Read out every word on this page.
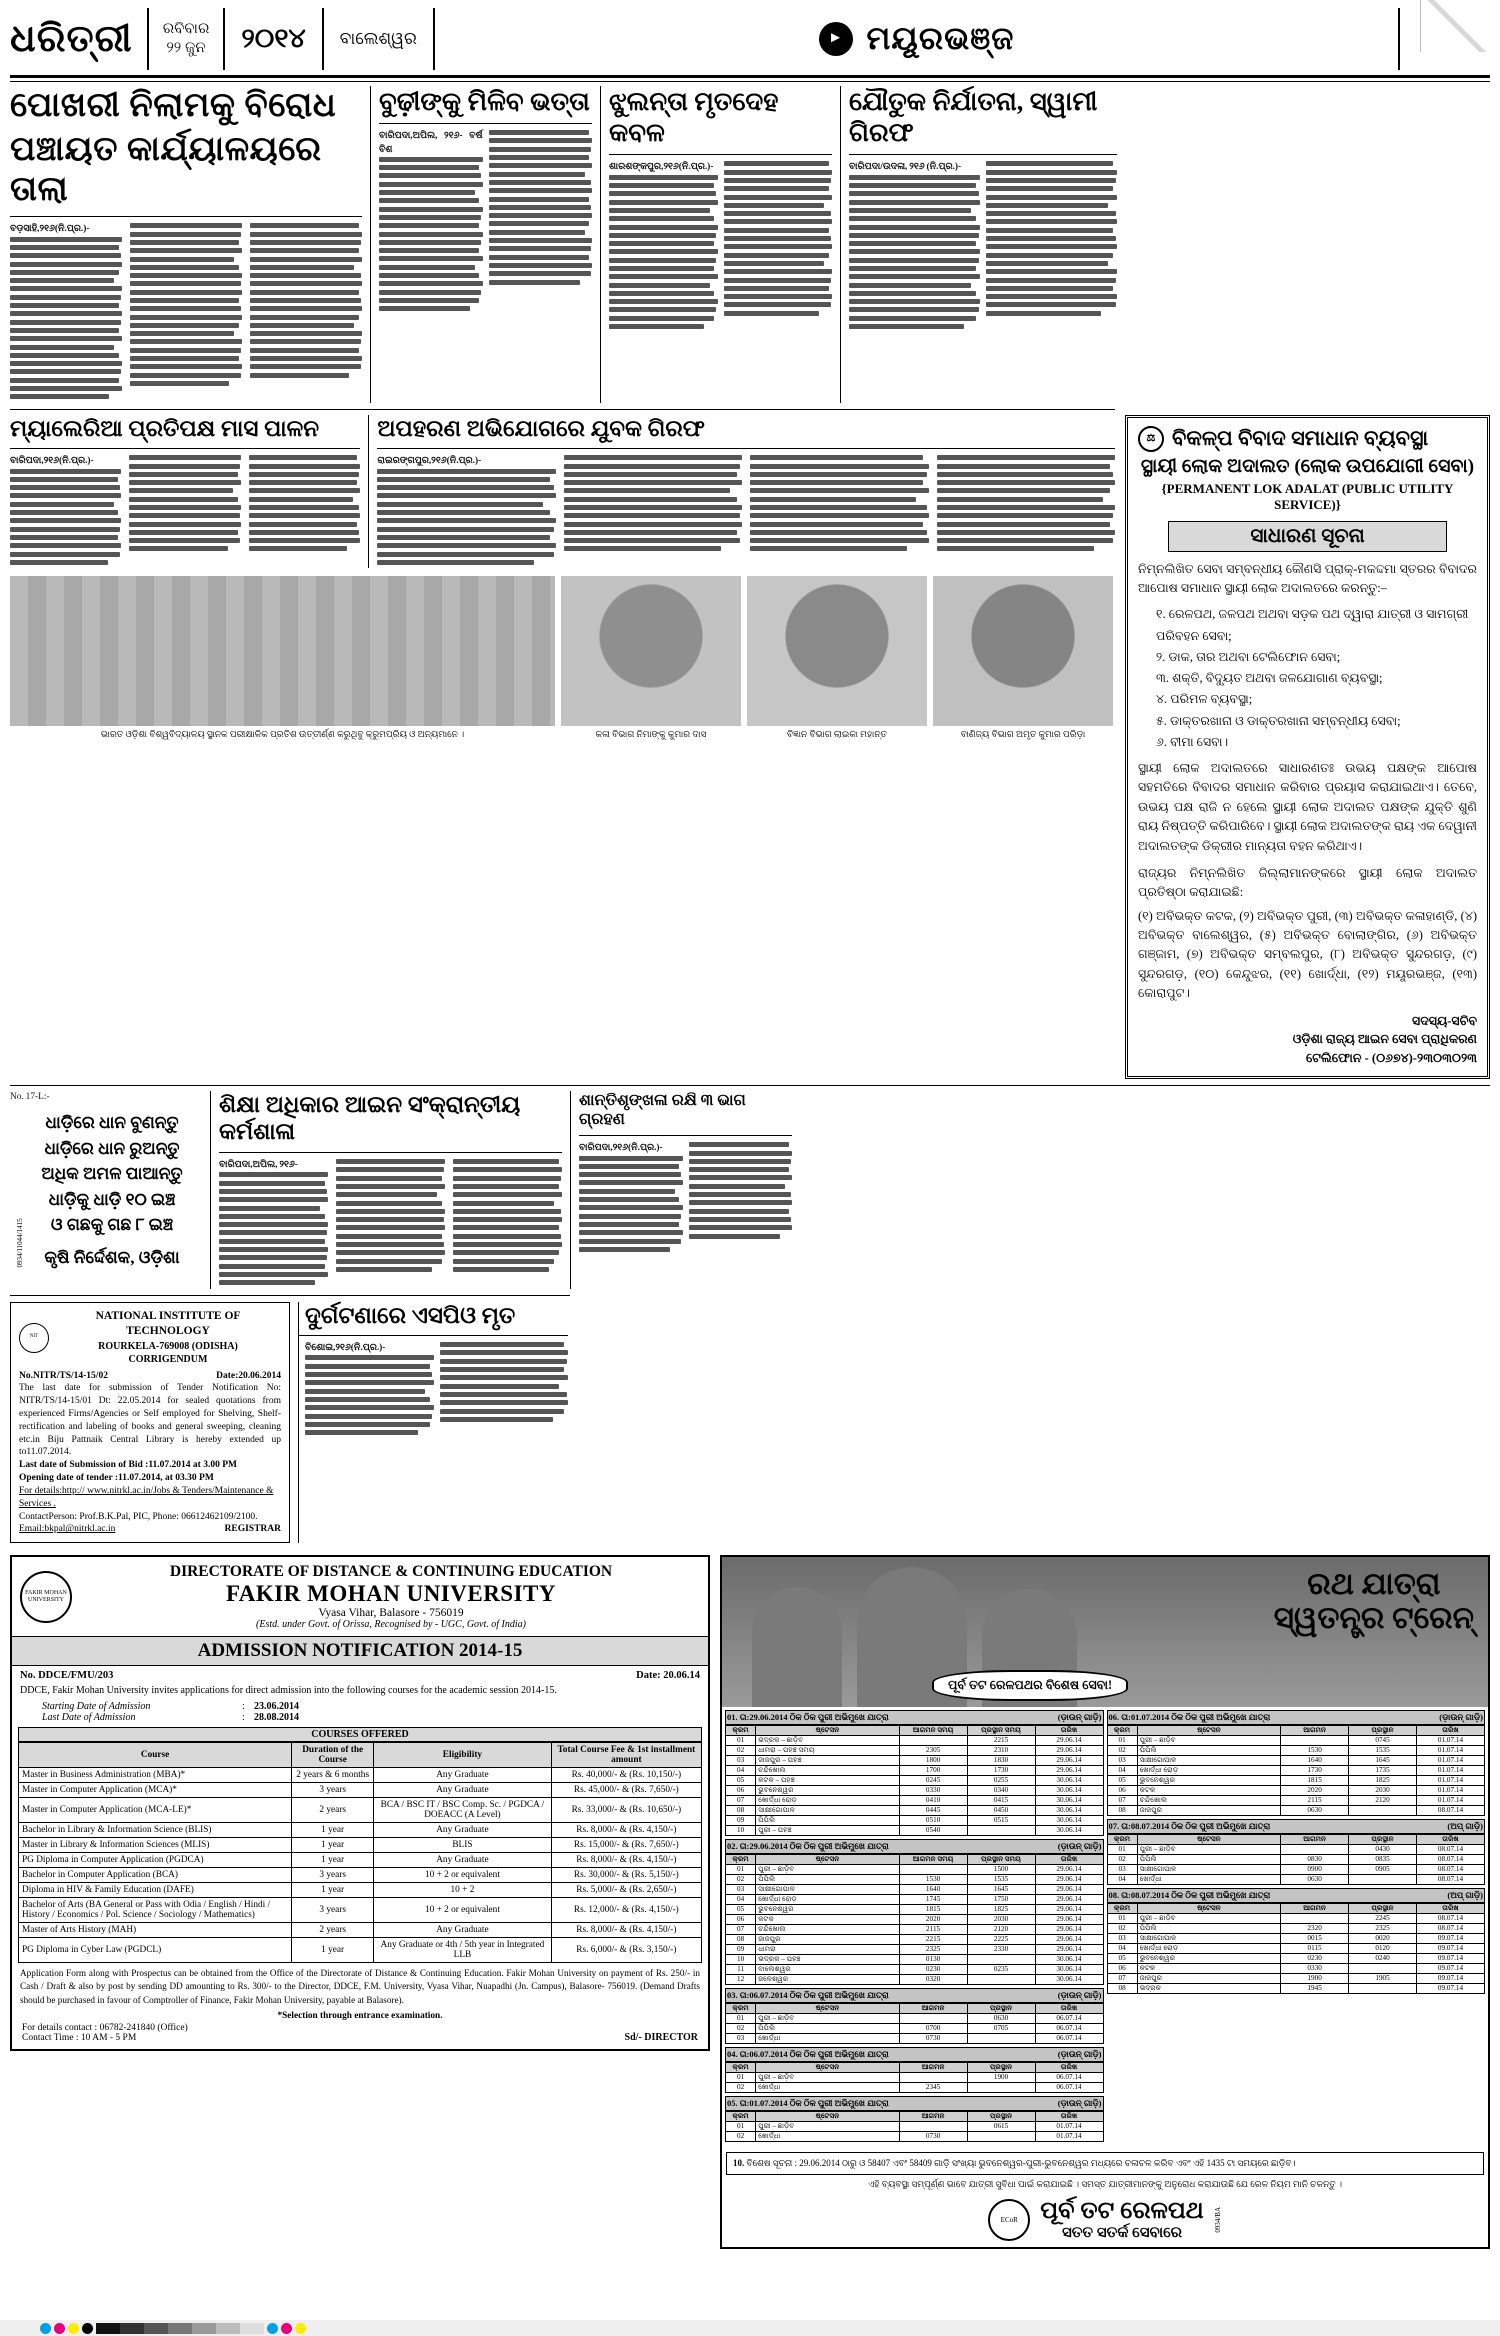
ଧରିତ୍ରୀ	ରବିବାର
୨୨ ଜୁନ	୨୦୧୪	ବାଲେଶ୍ୱର	► ମୟୂରଭଞ୍ଜ
ପୋଖରୀ ନିଲାମକୁ ବିରୋଧ
ପଞ୍ଚାୟତ କାର୍ଯ୍ୟାଳୟରେ ତାଲା
ବଡ଼ସାହି,୨୧୬(ନି.ପ୍ର.)-
ବୁଢ଼ୀଙ୍କୁ ମିଳିବ ଭତ୍ତା
ବାରିପଦା,ଅପିଲ, ୨୧୬- ବର୍ଷ ବିଶ
ଝୁଲନ୍ତା ମୃତଦେହ କବଳ
ଶାରଶଙ୍କପୁର,୨୧୬(ନି.ପ୍ର.)-
ଯୌତୁକ ନିର୍ଯାତନା, ସ୍ୱାମୀ ଗିରଫ
ବାରିପଦା/ଉଦଳା, ୨୧୬ (ନି.ପ୍ର.)-
ମ୍ୟାଲେରିଆ ପ୍ରତିପକ୍ଷ ମାସ ପାଳନ
ବାରିପଦା,୨୧୬(ନି.ପ୍ର.)-
ଅପହରଣ ଅଭିଯୋଗରେ ଯୁବକ ଗିରଫ
ରାଇରଙ୍ଗପୁର,୨୧୬(ନି.ପ୍ର.)-
ଭାରତ ଓଡ଼ିଶା ବିଶ୍ୱବିଦ୍ୟାଳୟ ସ୍ଥାନକ ପରୀକ୍ଷାଳିକ ପ୍ରତିଶ ଉତ୍ତୀର୍ଣ୍ଣ କରୁଥିବୁ କ୍ରୁମପ୍ରିୟ ଓ ଅନ୍ୟମାନେ ।	କଳା ବିଭାଗ ନିମାଙ୍କୁ କୁମାର ଦାସ	ବିଜ୍ଞାନ ବିଭାଗ ଲାଇକା ମହାନ୍ତ	ବାଣିଜ୍ୟ ବିଭାଗ ଅମୃତ କୁମାର ପରିଡ଼ା
⚖ ବିକଳ୍ପ ବିବାଦ ସମାଧାନ ବ୍ୟବସ୍ଥା
ସ୍ଥାୟୀ ଲୋକ ଅଦାଲତ (ଲୋକ ଉପଯୋଗୀ ସେବା)
{PERMANENT LOK ADALAT (PUBLIC UTILITY SERVICE)}
ସାଧାରଣ ସୂଚନା
ନିମ୍ନଲିଖିତ ସେବା ସମ୍ବନ୍ଧୀୟ କୌଣସି ପ୍ରାକ୍‌-ମକଦ୍ଦମା ସ୍ତରର ବିବାଦର ଆପୋଷ ସମାଧାନ ସ୍ଥାୟୀ ଲୋକ ଅଦାଲତରେ କରନ୍ତୁ:–
୧. ରେଳପଥ, ଜଳପଥ ଅଥବା ସଡ଼କ ପଥ ଦ୍ୱାରା ଯାତ୍ରୀ ଓ ସାମଗ୍ରୀ ପରିବହନ ସେବା;
୨. ଡାକ, ତାର ଅଥବା ଟେଲିଫୋନ ସେବା;
୩. ଶକ୍ତି, ବିଦ୍ୟୁତ ଅଥବା ଜଳଯୋଗାଣ ବ୍ୟବସ୍ଥା;
୪. ପରିମଳ ବ୍ୟବସ୍ଥା;
୫. ଡାକ୍ତରଖାନା ଓ ଡାକ୍ତରଖାନା ସମ୍ବନ୍ଧୀୟ ସେବା;
୬. ବୀମା ସେବା।
ସ୍ଥାୟୀ ଲୋକ ଅଦାଲତରେ ସାଧାରଣତଃ ଉଭୟ ପକ୍ଷଙ୍କ ଆପୋଷ ସହମତିରେ ବିବାଦର ସମାଧାନ କରିବାର ପ୍ରୟାସ କରାଯାଇଥାଏ। ତେବେ, ଉଭୟ ପକ୍ଷ ରାଜି ନ ହେଲେ ସ୍ଥାୟୀ ଲୋକ ଅଦାଲତ ପକ୍ଷଙ୍କ ଯୁକ୍ତି ଶୁଣି ରାୟ ନିଷ୍ପତ୍ତି କରିପାରିବେ। ସ୍ଥାୟୀ ଲୋକ ଅଦାଲତଙ୍କ ରାୟ ଏକ ଦେୱାନୀ ଅଦାଲତଙ୍କ ଡିକ୍ରୀର ମାନ୍ୟତା ବହନ କରିଥାଏ।
ରାଜ୍ୟର ନିମ୍ନଲିଖିତ ଜିଲ୍ଲାମାନଙ୍କରେ ସ୍ଥାୟୀ ଲୋକ ଅଦାଲତ ପ୍ରତିଷ୍ଠା କରାଯାଇଛି:
(୧) ଅବିଭକ୍ତ କଟକ, (୨) ଅବିଭକ୍ତ ପୁରୀ, (୩) ଅବିଭକ୍ତ କଳାହାଣ୍ଡି, (୪) ଅବିଭକ୍ତ ବାଲେଶ୍ୱର, (୫) ଅବିଭକ୍ତ ବୋଲାଙ୍ଗିର, (୬) ଅବିଭକ୍ତ ଗଞ୍ଜାମ, (୭) ଅବିଭକ୍ତ ସମ୍ବଲପୁର, (୮) ଅବିଭକ୍ତ ସୁନ୍ଦରଗଡ଼, (୯) ସୁନ୍ଦରଗଡ଼, (୧୦) କେନ୍ଦୁଝର, (୧୧) ଖୋର୍ଦ୍ଧା, (୧୨) ମୟୂରଭଞ୍ଜ, (୧୩) କୋରାପୁଟ।
ସଦସ୍ୟ-ସଚିବ
ଓଡ଼ିଶା ରାଜ୍ୟ ଆଇନ ସେବା ପ୍ରାଧିକରଣ
ଟେଲିଫୋନ - (୦୬୭୪)-୨୩୦୩୦୨୩
No. 17-L:-
0934/11044/1415
ଧାଡ଼ିରେ ଧାନ ବୁଣନ୍ତୁ
ଧାଡ଼ିରେ ଧାନ ରୁଅନ୍ତୁ
ଅଧିକ ଅମଳ ପାଆନ୍ତୁ
ଧାଡ଼ିକୁ ଧାଡ଼ି ୧୦ ଇଞ୍ଚ
ଓ ଗଛକୁ ଗଛ ୮ ଇଞ୍ଚ
କୃଷି ନିର୍ଦ୍ଦେଶକ, ଓଡ଼ିଶା
ଶିକ୍ଷା ଅଧିକାର ଆଇନ ସଂକ୍ରାନ୍ତୀୟ କର୍ମଶାଳା
ବାରିପଦା,ଅପିଲ, ୨୧୬-
ଶାନ୍ତିଶୃଙ୍ଖଳା ରକ୍ଷି ୩ ଭାଗ ଗ୍ରହଣ
ବାରିପଦା,୨୧୬(ନି.ପ୍ର.)-
NIT
NATIONAL INSTITUTE OF TECHNOLOGY
ROURKELA-769008 (ODISHA)
CORRIGENDUM
No.NITR/TS/14-15/02	Date:20.06.2014
The last date for submission of Tender Notification No: NITR/TS/14-15/01 Dt: 22.05.2014 for sealed quotations from experienced Firms/Agencies or Self employed for Shelving, Shelf-rectification and labeling of books and general sweeping, cleaning etc.in Biju Pattnaik Central Library is hereby extended up to11.07.2014.
Last date of Submission of Bid :11.07.2014 at 3.00 PM
Opening date of tender :11.07.2014, at 03.30 PM
For details:http:// www.nitrkl.ac.in/Jobs & Tenders/Maintenance & Services .
ContactPerson: Prof.B.K.Pal, PIC, Phone: 06612462109/2100.
Email:bkpal@nitrkl.ac.in	REGISTRAR
ଦୁର୍ଗଟଣାରେ ଏସପିଓ ମୃତ
ବିଶୋଇ,୨୧୬(ନି.ପ୍ର.)-
FAKIR MOHAN UNIVERSITY
DIRECTORATE OF DISTANCE & CONTINUING EDUCATION
FAKIR MOHAN UNIVERSITY
Vyasa Vihar, Balasore - 756019
(Estd. under Govt. of Orissa, Recognised by - UGC, Govt. of India)
ADMISSION NOTIFICATION 2014-15
No. DDCE/FMU/203	Date: 20.06.14
DDCE, Fakir Mohan University invites applications for direct admission into the following courses for the academic session 2014-15.
Starting Date of Admission	: 23.06.2014
Last Date of Admission	: 28.08.2014
COURSES OFFERED
Course	Duration of the Course	Eligibility	Total Course Fee & 1st installment amount
Master in Business Administration (MBA)*	2 years & 6 months	Any Graduate	Rs. 40,000/- & (Rs. 10,150/-)
Master in Computer Application (MCA)*	3 years	Any Graduate	Rs. 45,000/- & (Rs. 7,650/-)
Master in Computer Application (MCA-LE)*	2 years	BCA / BSC IT / BSC Comp. Sc. / PGDCA / DOEACC (A Level)	Rs. 33,000/- & (Rs. 10,650/-)
Bachelor in Library & Information Science (BLIS)	1 year	Any Graduate	Rs. 8,000/- & (Rs. 4,150/-)
Master in Library & Information Sciences (MLIS)	1 year	BLIS	Rs. 15,000/- & (Rs. 7,650/-)
PG Diploma in Computer Application (PGDCA)	1 year	Any Graduate	Rs. 8,000/- & (Rs. 4,150/-)
Bachelor in Computer Application (BCA)	3 years	10 + 2 or equivalent	Rs. 30,000/- & (Rs. 5,150/-)
Diploma in HIV & Family Education (DAFE)	1 year	10 + 2	Rs. 5,000/- & (Rs. 2,650/-)
Bachelor of Arts (BA General or Pass with Odia / English / Hindi / History / Economics / Pol. Science / Sociology / Mathematics)	3 years	10 + 2 or equivalent	Rs. 12,000/- & (Rs. 4,150/-)
Master of Arts History (MAH)	2 years	Any Graduate	Rs. 8,000/- & (Rs. 4,150/-)
PG Diploma in Cyber Law (PGDCL)	1 year	Any Graduate or 4th / 5th year in Integrated LLB	Rs. 6,000/- & (Rs. 3,150/-)
Application Form along with Prospectus can be obtained from the Office of the Directorate of Distance & Continuing Education. Fakir Mohan University on payment of Rs. 250/- in Cash / Draft & also by post by sending DD amounting to Rs. 300/- to the Director, DDCE, F.M. University, Vyasa Vihar, Nuapadhi (Jn. Campus), Balasore- 756019. (Demand Drafts should be purchased in favour of Comptroller of Finance, Fakir Mohan University, payable at Balasore).
*Selection through entrance examination.
For details contact : 06782-241840 (Office)
Contact Time : 10 AM - 5 PM	Sd/- DIRECTOR
ରଥ ଯାତ୍ରା
ସ୍ୱତନ୍ତ୍ର ଟ୍ରେନ୍
ପୂର୍ବ ତଟ ରେଳପଥର ବିଶେଷ ସେବା!
01. ତା:29.06.2014 ଠିକ ଠିକ ପୁରୀ ଅଭିମୁଖେ ଯାତ୍ରା	(ଡ଼ାଉନ୍ ଗାଡ଼ି)
କ୍ରମ	ଷ୍ଟେସନ	ଆଗମନ ସମୟ	ପ୍ରସ୍ଥାନ ସମୟ	ତାରିଖ
01	ଭଦ୍ରକ – ଛାଡ଼ିବ		2215	29.06.14
02	ଧାମରା – ପହଞ୍ଚ ସମୟ	2305	2310	29.06.14
03	ଜାଜପୁର – ପହଞ୍ଚ	1800	1830	29.06.14
04	ଚନ୍ଦିଖୋଲ	1700	1730	29.06.14
05	କଟକ – ପହଞ୍ଚ	0245	0255	30.06.14
06	ଭୁବନେଶ୍ୱର	0330	0340	30.06.14
07	ଖୋର୍ଦ୍ଧା ରୋଡ଼	0410	0415	30.06.14
08	ସାକ୍ଷୀଗୋପାଳ	0445	0450	30.06.14
09	ପିପିଲି	0510	0515	30.06.14
10	ପୁରୀ – ପହଞ୍ଚ	0540		30.06.14
02. ତା:29.06.2014 ଠିକ ଠିକ ପୁରୀ ଅଭିମୁଖେ ଯାତ୍ରା	(ଡ଼ାଉନ୍ ଗାଡ଼ି)
କ୍ରମ	ଷ୍ଟେସନ	ଆଗମନ ସମୟ	ପ୍ରସ୍ଥାନ ସମୟ	ତାରିଖ
01	ପୁରୀ – ଛାଡ଼ିବ		1500	29.06.14
02	ପିପିଲି	1530	1535	29.06.14
03	ସାକ୍ଷୀଗୋପାଳ	1640	1645	29.06.14
04	ଖୋର୍ଦ୍ଧା ରୋଡ଼	1745	1750	29.06.14
05	ଭୁବନେଶ୍ୱର	1815	1825	29.06.14
06	କଟକ	2020	2030	29.06.14
07	ଚନ୍ଦିଖୋଲ	2115	2120	29.06.14
08	ଜାଜପୁର	2215	2225	29.06.14
09	ଧାମରା	2325	2330	29.06.14
10	ଭଦ୍ରକ – ପହଞ୍ଚ	0130		30.06.14
11	ବାଲେଶ୍ୱର	0230	0235	30.06.14
12	ଜଳେଶ୍ୱର	0320		30.06.14
03. ତା:06.07.2014 ଠିକ ଠିକ ପୁରୀ ଅଭିମୁଖେ ଯାତ୍ରା	(ଡ଼ାଉନ୍ ଗାଡ଼ି)
କ୍ରମ	ଷ୍ଟେସନ	ଆଗମନ	ପ୍ରସ୍ଥାନ	ତାରିଖ
01	ପୁରୀ – ଛାଡ଼ିବ		0630	06.07.14
02	ପିପିଲି	0700	0705	06.07.14
03	ଖୋର୍ଦ୍ଧା	0730		06.07.14
04. ତା:06.07.2014 ଠିକ ଠିକ ପୁରୀ ଅଭିମୁଖେ ଯାତ୍ରା	(ଡ଼ାଉନ୍ ଗାଡ଼ି)
କ୍ରମ	ଷ୍ଟେସନ	ଆଗମନ	ପ୍ରସ୍ଥାନ	ତାରିଖ
01	ପୁରୀ – ଛାଡ଼ିବ		1900	06.07.14
02	ଖୋର୍ଦ୍ଧା	2345		06.07.14
05. ତା:01.07.2014 ଠିକ ଠିକ ପୁରୀ ଅଭିମୁଖେ ଯାତ୍ରା	(ଡ଼ାଉନ୍ ଗାଡ଼ି)
କ୍ରମ	ଷ୍ଟେସନ	ଆଗମନ	ପ୍ରସ୍ଥାନ	ତାରିଖ
01	ପୁରୀ – ଛାଡ଼ିବ		0615	01.07.14
02	ଖୋର୍ଦ୍ଧା	0730		01.07.14
06. ତା:01.07.2014 ଠିକ ଠିକ ପୁରୀ ଅଭିମୁଖେ ଯାତ୍ରା	(ଡ଼ାଉନ୍ ଗାଡ଼ି)
କ୍ରମ	ଷ୍ଟେସନ	ଆଗମନ	ପ୍ରସ୍ଥାନ	ତାରିଖ
01	ପୁରୀ – ଛାଡ଼ିବ		0745	01.07.14
02	ପିପିଲି	1530	1535	01.07.14
03	ସାକ୍ଷୀଗୋପାଳ	1640	1645	01.07.14
04	ଖୋର୍ଦ୍ଧା ରୋଡ଼	1730	1735	01.07.14
05	ଭୁବନେଶ୍ୱର	1815	1825	01.07.14
06	କଟକ	2020	2030	01.07.14
07	ଚନ୍ଦିଖୋଲ	2115	2120	01.07.14
08	ଜାଜପୁର	0630		08.07.14
07. ତା:08.07.2014 ଠିକ ଠିକ ପୁରୀ ଅଭିମୁଖେ ଯାତ୍ରା	(ଅପ୍‌ ଗାଡ଼ି)
କ୍ରମ	ଷ୍ଟେସନ	ଆଗମନ	ପ୍ରସ୍ଥାନ	ତାରିଖ
01	ପୁରୀ – ଛାଡ଼ିବ		0430	08.07.14
02	ପିପିଲି	0830	0835	08.07.14
03	ସାକ୍ଷୀଗୋପାଳ	0900	0905	08.07.14
04	ଖୋର୍ଦ୍ଧା	0630		08.07.14
08. ତା:08.07.2014 ଠିକ ଠିକ ପୁରୀ ଅଭିମୁଖେ ଯାତ୍ରା	(ଅପ୍‌ ଗାଡ଼ି)
କ୍ରମ	ଷ୍ଟେସନ	ଆଗମନ	ପ୍ରସ୍ଥାନ	ତାରିଖ
01	ପୁରୀ – ଛାଡ଼ିବ		2245	08.07.14
02	ପିପିଲି	2320	2325	08.07.14
03	ସାକ୍ଷୀଗୋପାଳ	0015	0020	09.07.14
04	ଖୋର୍ଦ୍ଧା ରୋଡ଼	0115	0120	09.07.14
05	ଭୁବନେଶ୍ୱର	0230	0240	09.07.14
06	କଟକ	0330		09.07.14
07	ଜାଜପୁର	1900	1905	09.07.14
08	ଭଦ୍ରକ	1945		09.07.14
10. ବିଶେଷ ସୂଚନା : 29.06.2014 ଠାରୁ ଓ 58407 ଏବଂ 58409 ଗାଡ଼ି ସଂଖ୍ୟା ଭୁବନେଶ୍ୱର-ପୁରୀ-ଭୁବନେଶ୍ୱର ମଧ୍ୟରେ ଚଳାଚଳ କରିବ ଏବଂ ଏହି 1435 ଟା ସମୟରେ ଛାଡ଼ିବ।
ଏହି ବ୍ୟବସ୍ଥା ସମ୍ପୂର୍ଣ୍ଣ ଭାବେ ଯାତ୍ରୀ ସୁବିଧା ପାଇଁ କରାଯାଇଛି । ସମସ୍ତ ଯାତ୍ରୀମାନଙ୍କୁ ଅନୁରୋଧ କରାଯାଉଛି ଯେ ରେଳ ନିୟମ ମାନି ଚଳନ୍ତୁ ।
ECoR ପୂର୍ବ ତଟ ରେଳପଥ
ସତତ ସତର୍କ ସେବାରେ
0934/BA
